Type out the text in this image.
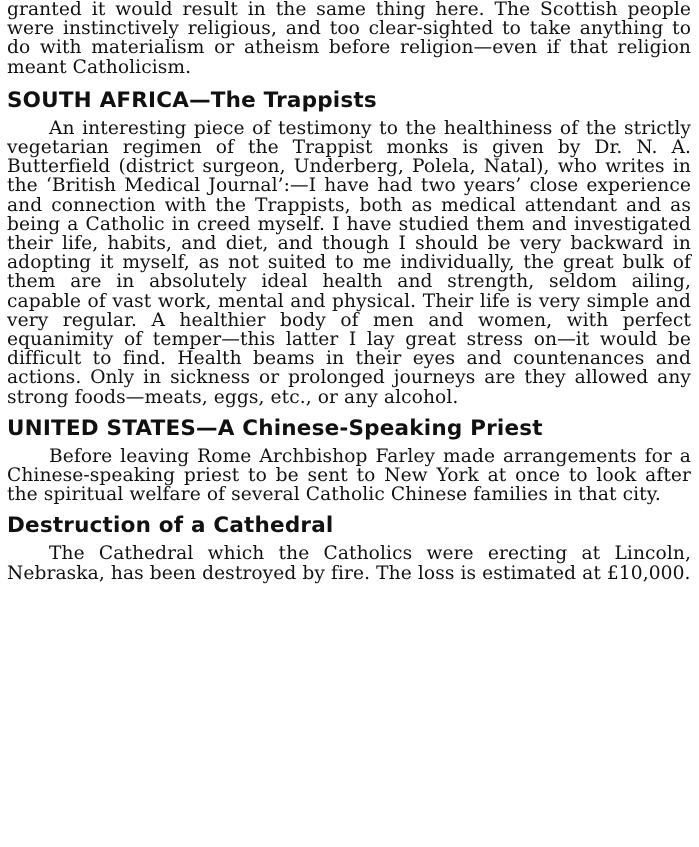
granted it would result in the same thing here. The Scottish people were instinctively religious, and too clear-sighted to take anything to do with materialism or atheism before religion—even if that religion meant Catholicism.

SOUTH AFRICA—The Trappists

An interesting piece of testimony to the healthiness of the strictly vegetarian regimen of the Trappist monks is given by Dr. N. A. Butterfield (district surgeon, Underberg, Polela, Natal), who writes in the ‘British Medical Journal’:—I have had two years’ close experience and connection with the Trappists, both as medical attendant and as being a Catholic in creed myself. I have studied them and investigated their life, habits, and diet, and though I should be very backward in adopting it myself, as not suited to me individually, the great bulk of them are in absolutely ideal health and strength, seldom ailing, capable of vast work, mental and physical. Their life is very simple and very regular. A healthier body of men and women, with perfect equanimity of temper—this latter I lay great stress on—it would be difficult to find. Health beams in their eyes and countenances and actions. Only in sickness or prolonged journeys are they allowed any strong foods—meats, eggs, etc., or any alcohol.

UNITED STATES—A Chinese-Speaking Priest

Before leaving Rome Archbishop Farley made arrangements for a Chinese-speaking priest to be sent to New York at once to look after the spiritual welfare of several Catholic Chinese families in that city.

Destruction of a Cathedral

The Cathedral which the Catholics were erecting at Lincoln, Nebraska, has been destroyed by fire. The loss is estimated at £10,000.
